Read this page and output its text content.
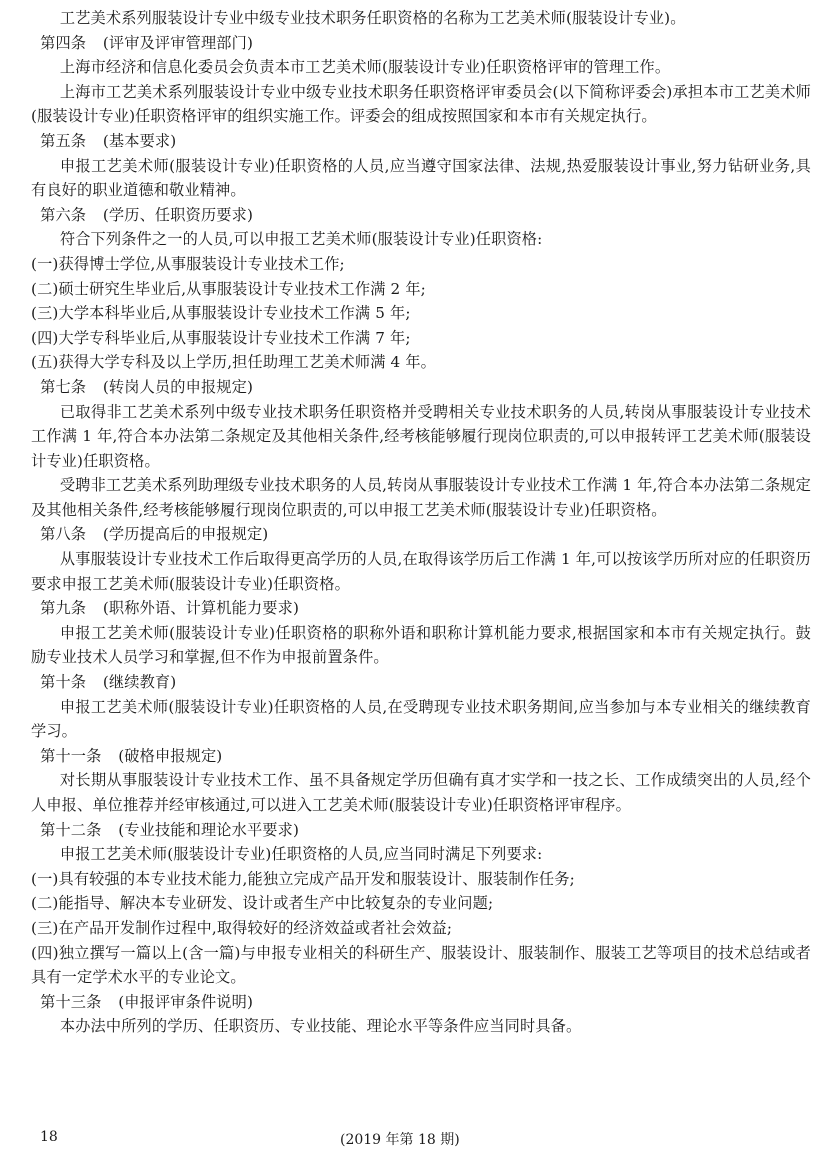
工艺美术系列服装设计专业中级专业技术职务任职资格的名称为工艺美术师(服装设计专业)。

第四条 (评审及评审管理部门)

上海市经济和信息化委员会负责本市工艺美术师(服装设计专业)任职资格评审的管理工作。

上海市工艺美术系列服装设计专业中级专业技术职务任职资格评审委员会(以下简称评委会)承担本市工艺美术师(服装设计专业)任职资格评审的组织实施工作。评委会的组成按照国家和本市有关规定执行。

第五条 (基本要求)

申报工艺美术师(服装设计专业)任职资格的人员,应当遵守国家法律、法规,热爱服装设计事业,努力钻研业务,具有良好的职业道德和敬业精神。

第六条 (学历、任职资历要求)

符合下列条件之一的人员,可以申报工艺美术师(服装设计专业)任职资格:

(一)获得博士学位,从事服装设计专业技术工作;

(二)硕士研究生毕业后,从事服装设计专业技术工作满 2 年;

(三)大学本科毕业后,从事服装设计专业技术工作满 5 年;

(四)大学专科毕业后,从事服装设计专业技术工作满 7 年;

(五)获得大学专科及以上学历,担任助理工艺美术师满 4 年。

第七条 (转岗人员的申报规定)

已取得非工艺美术系列中级专业技术职务任职资格并受聘相关专业技术职务的人员,转岗从事服装设计专业技术工作满 1 年,符合本办法第二条规定及其他相关条件,经考核能够履行现岗位职责的,可以申报转评工艺美术师(服装设计专业)任职资格。

受聘非工艺美术系列助理级专业技术职务的人员,转岗从事服装设计专业技术工作满 1 年,符合本办法第二条规定及其他相关条件,经考核能够履行现岗位职责的,可以申报工艺美术师(服装设计专业)任职资格。

第八条 (学历提高后的申报规定)

从事服装设计专业技术工作后取得更高学历的人员,在取得该学历后工作满 1 年,可以按该学历所对应的任职资历要求申报工艺美术师(服装设计专业)任职资格。

第九条 (职称外语、计算机能力要求)

申报工艺美术师(服装设计专业)任职资格的职称外语和职称计算机能力要求,根据国家和本市有关规定执行。鼓励专业技术人员学习和掌握,但不作为申报前置条件。

第十条 (继续教育)

申报工艺美术师(服装设计专业)任职资格的人员,在受聘现专业技术职务期间,应当参加与本专业相关的继续教育学习。

第十一条 (破格申报规定)

对长期从事服装设计专业技术工作、虽不具备规定学历但确有真才实学和一技之长、工作成绩突出的人员,经个人申报、单位推荐并经审核通过,可以进入工艺美术师(服装设计专业)任职资格评审程序。

第十二条 (专业技能和理论水平要求)

申报工艺美术师(服装设计专业)任职资格的人员,应当同时满足下列要求:

(一)具有较强的本专业技术能力,能独立完成产品开发和服装设计、服装制作任务;

(二)能指导、解决本专业研发、设计或者生产中比较复杂的专业问题;

(三)在产品开发制作过程中,取得较好的经济效益或者社会效益;

(四)独立撰写一篇以上(含一篇)与申报专业相关的科研生产、服装设计、服装制作、服装工艺等项目的技术总结或者具有一定学术水平的专业论文。

第十三条 (申报评审条件说明)

本办法中所列的学历、任职资历、专业技能、理论水平等条件应当同时具备。

18	(2019 年第 18 期)
